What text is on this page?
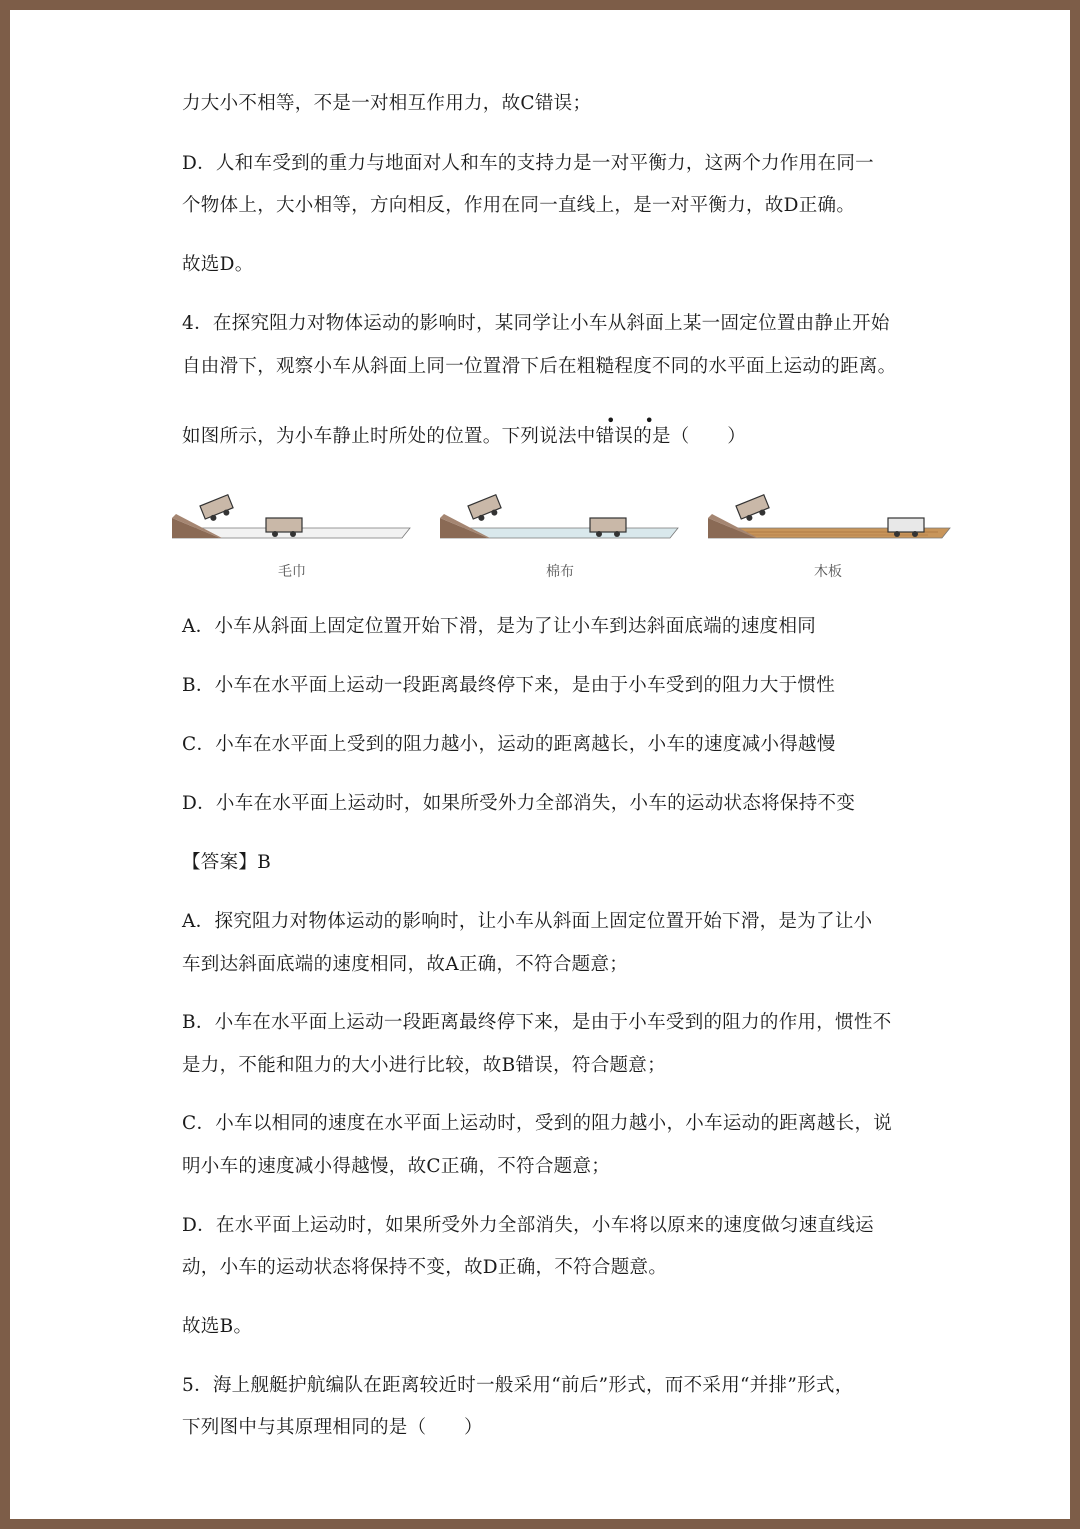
力大小不相等，不是一对相互作用力，故C错误；
D．人和车受到的重力与地面对人和车的支持力是一对平衡力，这两个力作用在同一
个物体上，大小相等，方向相反，作用在同一直线上，是一对平衡力，故D正确。
故选D。
4．在探究阻力对物体运动的影响时，某同学让小车从斜面上某一固定位置由静止开始
自由滑下，观察小车从斜面上同一位置滑下后在粗糙程度不同的水平面上运动的距离。
• •
如图所示，为小车静止时所处的位置。下列说法中错误的是（　　）
A．小车从斜面上固定位置开始下滑，是为了让小车到达斜面底端的速度相同
B．小车在水平面上运动一段距离最终停下来，是由于小车受到的阻力大于惯性
C．小车在水平面上受到的阻力越小，运动的距离越长，小车的速度减小得越慢
D．小车在水平面上运动时，如果所受外力全部消失，小车的运动状态将保持不变
【答案】B
A．探究阻力对物体运动的影响时，让小车从斜面上固定位置开始下滑，是为了让小
车到达斜面底端的速度相同，故A正确，不符合题意；
B．小车在水平面上运动一段距离最终停下来，是由于小车受到的阻力的作用，惯性不
是力，不能和阻力的大小进行比较，故B错误，符合题意；
C．小车以相同的速度在水平面上运动时，受到的阻力越小，小车运动的距离越长，说
明小车的速度减小得越慢，故C正确，不符合题意；
D．在水平面上运动时，如果所受外力全部消失，小车将以原来的速度做匀速直线运
动，小车的运动状态将保持不变，故D正确，不符合题意。
故选B。
5．海上舰艇护航编队在距离较近时一般采用“前后”形式，而不采用“并排”形式，
下列图中与其原理相同的是（　　）
毛巾	棉布	木板
